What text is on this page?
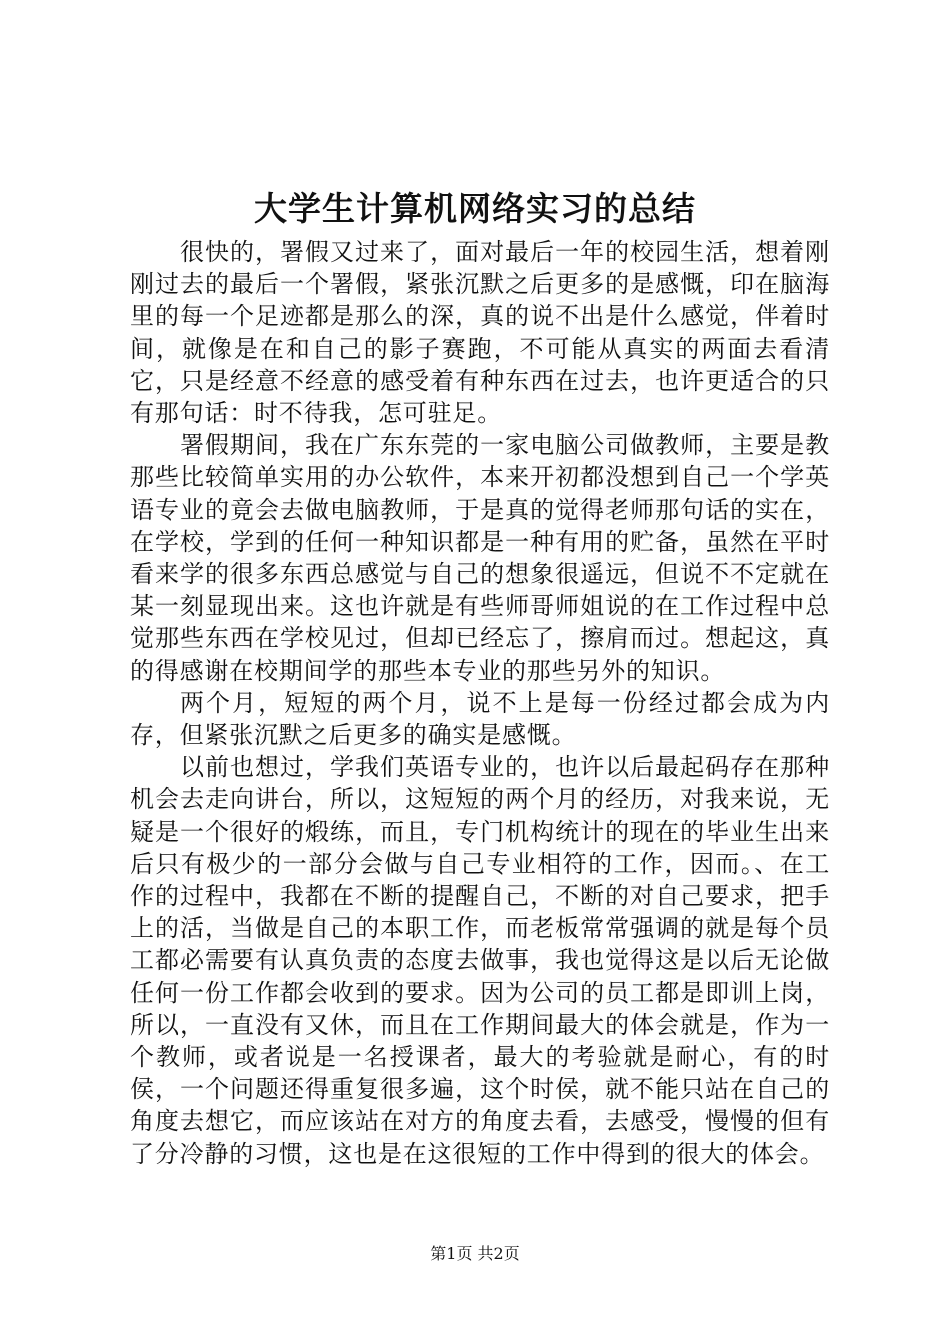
大学生计算机网络实习的总结

很快的，署假又过来了，面对最后一年的校园生活，想着刚刚过去的最后一个署假，紧张沉默之后更多的是感慨，印在脑海里的每一个足迹都是那么的深，真的说不出是什么感觉，伴着时间，就像是在和自己的影子赛跑，不可能从真实的两面去看清它，只是经意不经意的感受着有种东西在过去，也许更适合的只有那句话：时不待我，怎可驻足。

署假期间，我在广东东莞的一家电脑公司做教师，主要是教那些比较简单实用的办公软件，本来开初都没想到自己一个学英语专业的竟会去做电脑教师，于是真的觉得老师那句话的实在，在学校，学到的任何一种知识都是一种有用的贮备，虽然在平时看来学的很多东西总感觉与自己的想象很遥远，但说不不定就在某一刻显现出来。这也许就是有些师哥师姐说的在工作过程中总觉那些东西在学校见过，但却已经忘了，擦肩而过。想起这，真的得感谢在校期间学的那些本专业的那些另外的知识。

两个月，短短的两个月，说不上是每一份经过都会成为内存，但紧张沉默之后更多的确实是感慨。

以前也想过，学我们英语专业的，也许以后最起码存在那种机会去走向讲台，所以，这短短的两个月的经历，对我来说，无疑是一个很好的煅练，而且，专门机构统计的现在的毕业生出来后只有极少的一部分会做与自己专业相符的工作，因而。、在工作的过程中，我都在不断的提醒自己，不断的对自己要求，把手上的活，当做是自己的本职工作，而老板常常强调的就是每个员工都必需要有认真负责的态度去做事，我也觉得这是以后无论做任何一份工作都会收到的要求。因为公司的员工都是即训上岗，所以，一直没有又休，而且在工作期间最大的体会就是，作为一个教师，或者说是一名授课者，最大的考验就是耐心，有的时侯，一个问题还得重复很多遍，这个时侯，就不能只站在自己的角度去想它，而应该站在对方的角度去看，去感受，慢慢的但有了分冷静的习惯，这也是在这很短的工作中得到的很大的体会。

第1页 共2页
